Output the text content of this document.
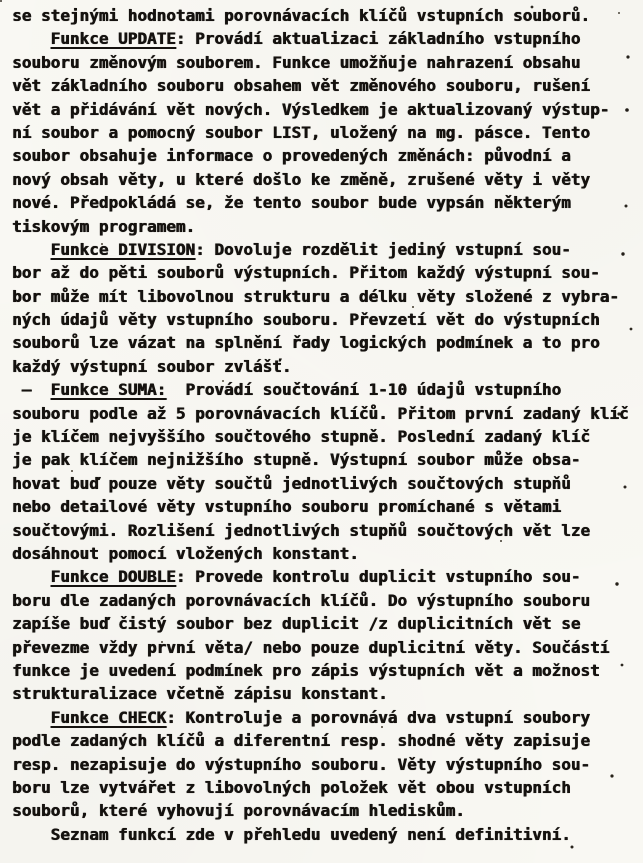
se stejnými hodnotami porovnávacích klíčů vstupních souborů.
Funkce UPDATE: Provádí aktualizaci základního vstupního
souboru změnovým souborem. Funkce umožňuje nahrazení obsahu
vět základního souboru obsahem vět změnového souboru, rušení
vět a přidávání vět nových. Výsledkem je aktualizovaný výstup-
ní soubor a pomocný soubor LIST, uložený na mg. pásce. Tento
soubor obsahuje informace o provedených změnách: původní a
nový obsah věty, u které došlo ke změně, zrušené věty i věty
nové. Předpokládá se, že tento soubor bude vypsán některým
tiskovým programem.
Funkce DIVISION: Dovoluje rozdělit jediný vstupní sou-
bor až do pěti souborů výstupních. Přitom každý výstupní sou-
bor může mít libovolnou strukturu a délku věty složené z vybra-
ných údajů věty vstupního souboru. Převzetí vět do výstupních
souborů lze vázat na splnění řady logických podmínek a to pro
každý výstupní soubor zvlášť.
–  Funkce SUMA:  Provádí součtování 1-10 údajů vstupního
souboru podle až 5 porovnávacích klíčů. Přitom první zadaný klíč
je klíčem nejvyššího součtového stupně. Poslední zadaný klíč
je pak klíčem nejnižšího stupně. Výstupní soubor může obsa-
hovat buď pouze věty součtů jednotlivých součtových stupňů
nebo detailové věty vstupního souboru promíchané s větami
součtovými. Rozlišení jednotlivých stupňů součtových vět lze
dosáhnout pomocí vložených konstant.
Funkce DOUBLE: Provede kontrolu duplicit vstupního sou-
boru dle zadaných porovnávacích klíčů. Do výstupního souboru
zapíše buď čistý soubor bez duplicit /z duplicitních vět se
převezme vždy první věta/ nebo pouze duplicitní věty. Součástí
funkce je uvedení podmínek pro zápis výstupních vět a možnost
strukturalizace včetně zápisu konstant.
Funkce CHECK: Kontroluje a porovnává dva vstupní soubory
podle zadaných klíčů a diferentní resp. shodné věty zapisuje
resp. nezapisuje do výstupního souboru. Věty výstupního sou-
boru lze vytvářet z libovolných položek vět obou vstupních
souborů, které vyhovují porovnávacím hlediskům.
Seznam funkcí zde v přehledu uvedený není definitivní.
